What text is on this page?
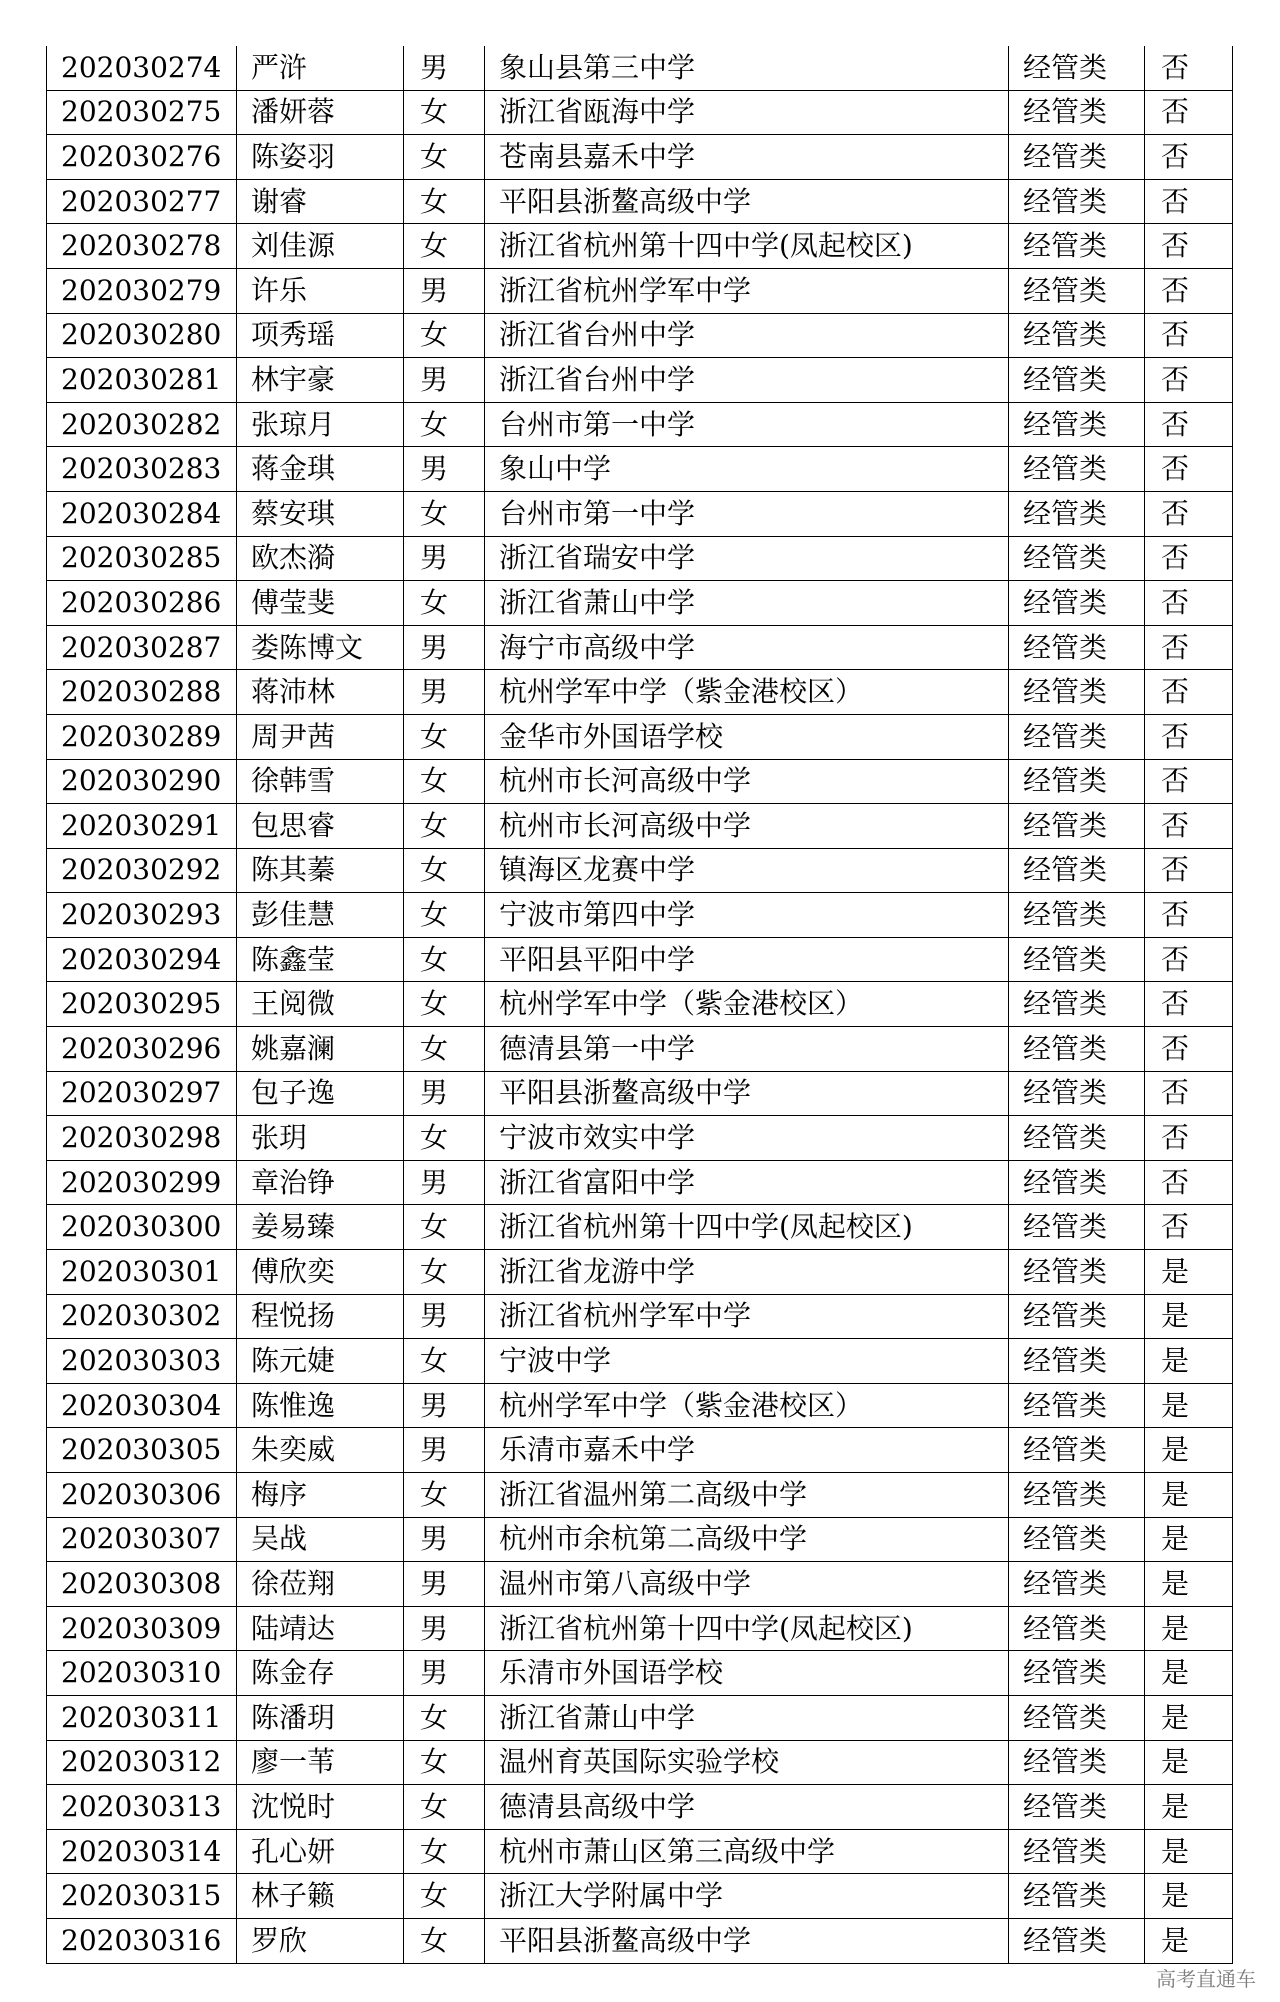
202030274	严浒	男	象山县第三中学	经管类	否
202030275	潘妍蓉	女	浙江省瓯海中学	经管类	否
202030276	陈姿羽	女	苍南县嘉禾中学	经管类	否
202030277	谢睿	女	平阳县浙鳌高级中学	经管类	否
202030278	刘佳源	女	浙江省杭州第十四中学(凤起校区)	经管类	否
202030279	许乐	男	浙江省杭州学军中学	经管类	否
202030280	项秀瑶	女	浙江省台州中学	经管类	否
202030281	林宇豪	男	浙江省台州中学	经管类	否
202030282	张琼月	女	台州市第一中学	经管类	否
202030283	蒋金琪	男	象山中学	经管类	否
202030284	蔡安琪	女	台州市第一中学	经管类	否
202030285	欧杰漪	男	浙江省瑞安中学	经管类	否
202030286	傅莹斐	女	浙江省萧山中学	经管类	否
202030287	娄陈博文	男	海宁市高级中学	经管类	否
202030288	蒋沛林	男	杭州学军中学（紫金港校区）	经管类	否
202030289	周尹茜	女	金华市外国语学校	经管类	否
202030290	徐韩雪	女	杭州市长河高级中学	经管类	否
202030291	包思睿	女	杭州市长河高级中学	经管类	否
202030292	陈其蓁	女	镇海区龙赛中学	经管类	否
202030293	彭佳慧	女	宁波市第四中学	经管类	否
202030294	陈鑫莹	女	平阳县平阳中学	经管类	否
202030295	王阅微	女	杭州学军中学（紫金港校区）	经管类	否
202030296	姚嘉澜	女	德清县第一中学	经管类	否
202030297	包子逸	男	平阳县浙鳌高级中学	经管类	否
202030298	张玥	女	宁波市效实中学	经管类	否
202030299	章治铮	男	浙江省富阳中学	经管类	否
202030300	姜易臻	女	浙江省杭州第十四中学(凤起校区)	经管类	否
202030301	傅欣奕	女	浙江省龙游中学	经管类	是
202030302	程悦扬	男	浙江省杭州学军中学	经管类	是
202030303	陈元婕	女	宁波中学	经管类	是
202030304	陈惟逸	男	杭州学军中学（紫金港校区）	经管类	是
202030305	朱奕威	男	乐清市嘉禾中学	经管类	是
202030306	梅序	女	浙江省温州第二高级中学	经管类	是
202030307	吴战	男	杭州市余杭第二高级中学	经管类	是
202030308	徐莅翔	男	温州市第八高级中学	经管类	是
202030309	陆靖达	男	浙江省杭州第十四中学(凤起校区)	经管类	是
202030310	陈金存	男	乐清市外国语学校	经管类	是
202030311	陈潘玥	女	浙江省萧山中学	经管类	是
202030312	廖一苇	女	温州育英国际实验学校	经管类	是
202030313	沈悦时	女	德清县高级中学	经管类	是
202030314	孔心妍	女	杭州市萧山区第三高级中学	经管类	是
202030315	林子籁	女	浙江大学附属中学	经管类	是
202030316	罗欣	女	平阳县浙鳌高级中学	经管类	是
高考直通车
